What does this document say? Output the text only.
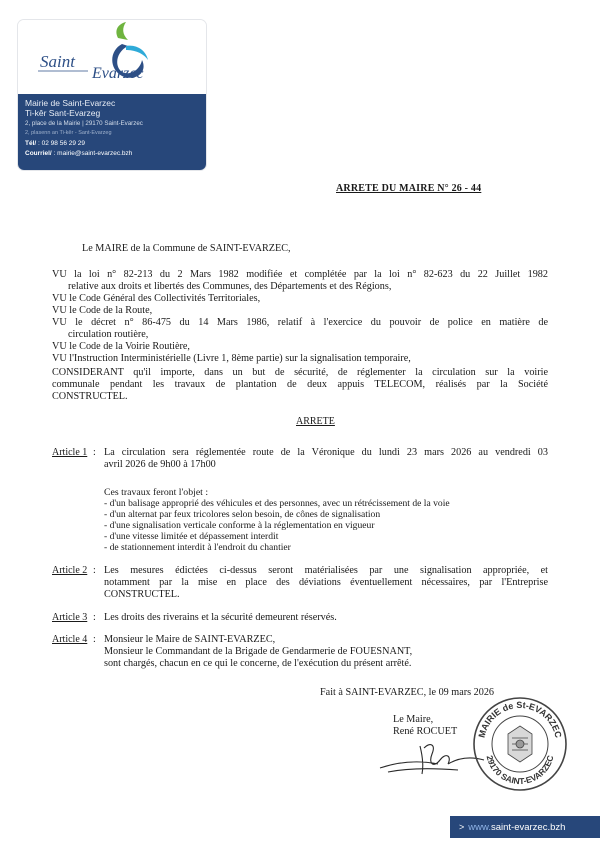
Saint
Evarzec
Mairie de Saint-Evarzec
Ti-kêr Sant-Evarzeg
2, place de la Mairie | 29170 Saint-Evarzec
2, plasenn an Ti-kêr - Sant-Evarzeg
Tél/ : 02 98 56 29 29
Courriel/ : mairie@saint-evarzec.bzh
ARRETE DU MAIRE N° 26 - 44
Le MAIRE de la Commune de SAINT-EVARZEC,
VU la loi n° 82-213 du 2 Mars 1982 modifiée et complétée par la loi n° 82-623 du 22 Juillet 1982
relative aux droits et libertés des Communes, des Départements et des Régions,
VU le Code Général des Collectivités Territoriales,
VU le Code de la Route,
VU le décret n° 86-475 du 14 Mars 1986, relatif à l'exercice du pouvoir de police en matière de
circulation routière,
VU le Code de la Voirie Routière,
VU l'Instruction Interministérielle (Livre 1, 8ème partie) sur la signalisation temporaire,
CONSIDERANT qu'il importe, dans un but de sécurité, de réglementer la circulation sur la voirie
communale pendant les travaux de plantation de deux appuis TELECOM, réalisés par la Société
CONSTRUCTEL.
ARRETE
Article 1 : La circulation sera réglementée route de la Véronique du lundi 23 mars 2026 au vendredi 03
avril 2026 de 9h00 à 17h00
Ces travaux feront l'objet :
- d'un balisage approprié des véhicules et des personnes, avec un rétrécissement de la voie
- d'un alternat par feux tricolores selon besoin, de cônes de signalisation
- d'une signalisation verticale conforme à la réglementation en vigueur
- d'une vitesse limitée et dépassement interdit
- de stationnement interdit à l'endroit du chantier
Article 2 : Les mesures édictées ci-dessus seront matérialisées par une signalisation appropriée, et
notamment par la mise en place des déviations éventuellement nécessaires, par l'Entreprise
CONSTRUCTEL.
Article 3 : Les droits des riverains et la sécurité demeurent réservés.
Article 4 : Monsieur le Maire de SAINT-EVARZEC,
Monsieur le Commandant de la Brigade de Gendarmerie de FOUESNANT,
sont chargés, chacun en ce qui le concerne, de l'exécution du présent arrêté.
Fait à SAINT-EVARZEC, le 09 mars 2026
Le Maire,
René ROCUET MAIRIE de St-EVARZEC
29170 SAINT-EVARZEC
> www.saint-evarzec.bzh
